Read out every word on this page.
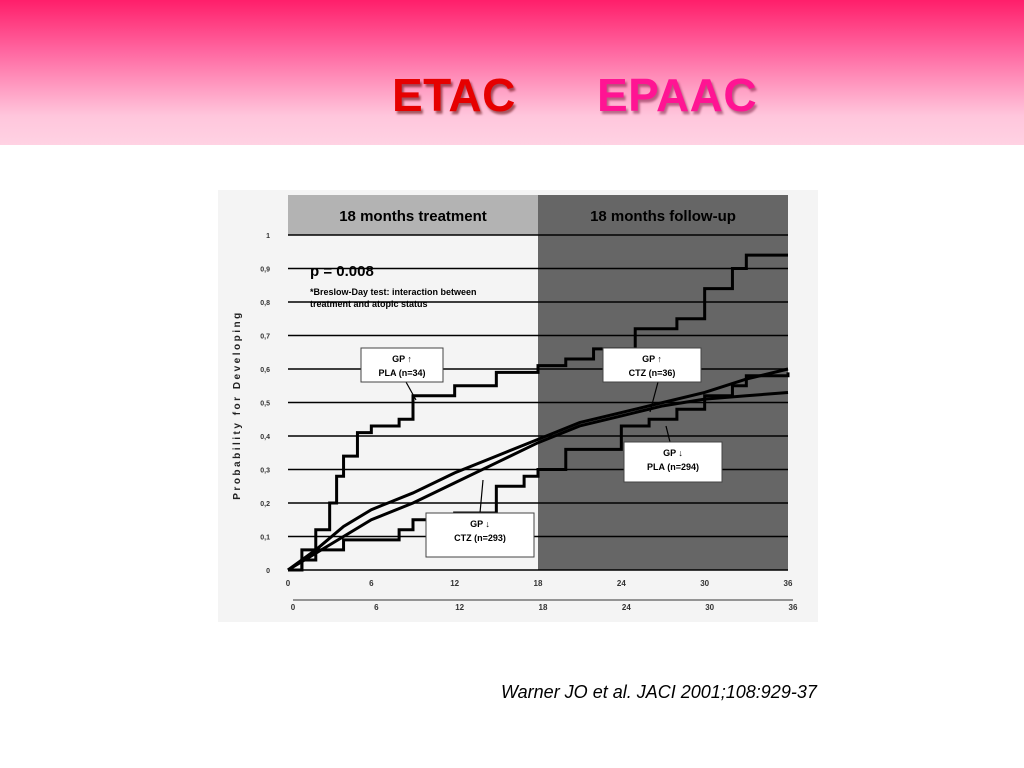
ETAC EPAAC
18 months treatment	18 months follow-up
0
0,1
0,2
0,3
0,4
0,5
0,6
0,7
0,8
0,9
1
0
0
6
6
12
12
18
18
24
24
30
30
36
36
Probability for Developing
p = 0.008
*Breslow-Day test: interaction between
treatment and atopic status
GP ↑
PLA (n=34)
GP ↑
CTZ (n=36)
GP ↓
PLA (n=294)
GP ↓
CTZ (n=293)
Warner JO et al. JACI 2001;108:929-37
